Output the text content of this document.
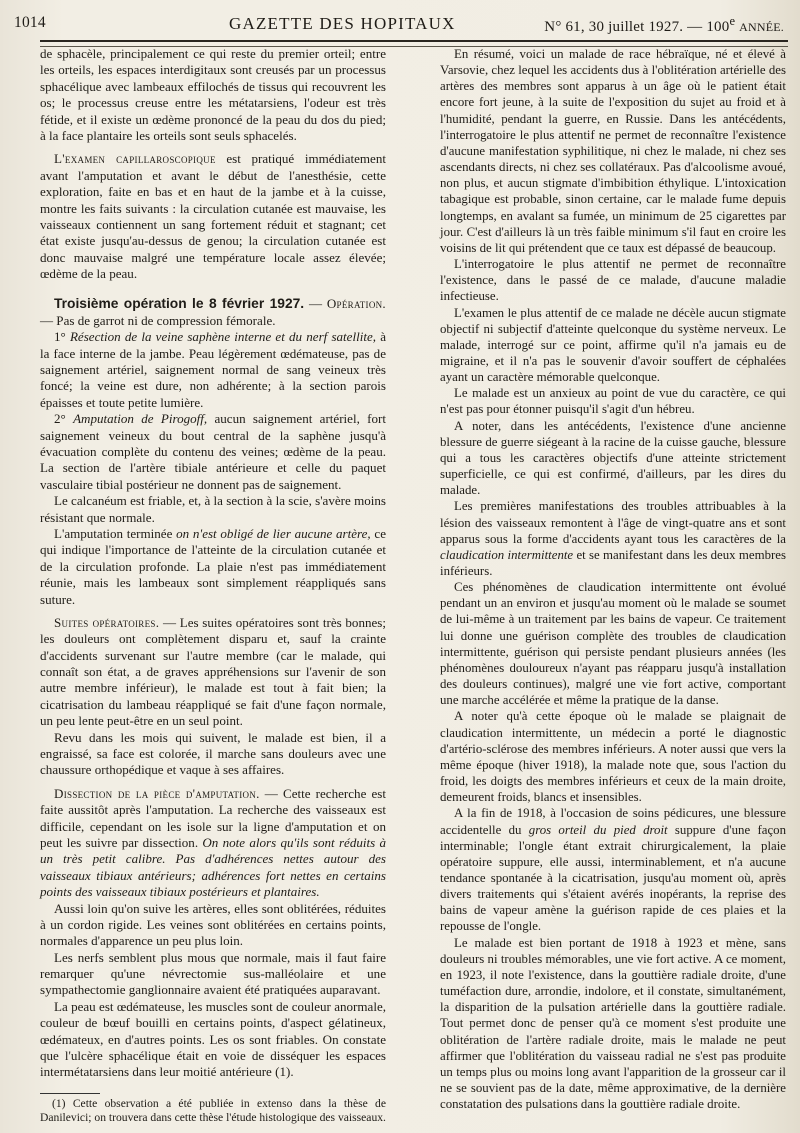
1014	GAZETTE DES HOPITAUX	N° 61, 30 juillet 1927. — 100e ANNÉE.

de sphacèle, principalement ce qui reste du premier orteil; entre les orteils, les espaces interdigitaux sont creusés par un processus sphacélique avec lambeaux effilochés de tissus qui recouvrent les os; le processus creuse entre les métatarsiens, l'odeur est très fétide, et il existe un œdème prononcé de la peau du dos du pied; à la face plantaire les orteils sont seuls sphacelés.

L'examen capillaroscopique est pratiqué immédiatement avant l'amputation et avant le début de l'anesthésie, cette exploration, faite en bas et en haut de la jambe et à la cuisse, montre les faits suivants : la circulation cutanée est mauvaise, les vaisseaux contiennent un sang fortement réduit et stagnant; cet état existe jusqu'au-dessus de genou; la circulation cutanée est donc mauvaise malgré une température locale assez élevée; œdème de la peau.

Troisième opération le 8 février 1927. — Opération. — Pas de garrot ni de compression fémorale.

1° Résection de la veine saphène interne et du nerf satellite, à la face interne de la jambe. Peau légèrement œdémateuse, pas de saignement artériel, saignement normal de sang veineux très foncé; la veine est dure, non adhérente; à la section parois épaisses et toute petite lumière.

2° Amputation de Pirogoff, aucun saignement artériel, fort saignement veineux du bout central de la saphène jusqu'à évacuation complète du contenu des veines; œdème de la peau. La section de l'artère tibiale antérieure et celle du paquet vasculaire tibial postérieur ne donnent pas de saignement.

Le calcanéum est friable, et, à la section à la scie, s'avère moins résistant que normale.

L'amputation terminée on n'est obligé de lier aucune artère, ce qui indique l'importance de l'atteinte de la circulation cutanée et de la circulation profonde. La plaie n'est pas immédiatement réunie, mais les lambeaux sont simplement réappliqués sans suture.

Suites opératoires. — Les suites opératoires sont très bonnes; les douleurs ont complètement disparu et, sauf la crainte d'accidents survenant sur l'autre membre (car le malade, qui connaît son état, a de graves appréhensions sur l'avenir de son autre membre inférieur), le malade est tout à fait bien; la cicatrisation du lambeau réappliqué se fait d'une façon normale, un peu lente peut-être en un seul point.

Revu dans les mois qui suivent, le malade est bien, il a engraissé, sa face est colorée, il marche sans douleurs avec une chaussure orthopédique et vaque à ses affaires.

Dissection de la pièce d'amputation. — Cette recherche est faite aussitôt après l'amputation. La recherche des vaisseaux est difficile, cependant on les isole sur la ligne d'amputation et on peut les suivre par dissection. On note alors qu'ils sont réduits à un très petit calibre. Pas d'adhérences nettes autour des vaisseaux tibiaux antérieurs; adhérences fort nettes en certains points des vaisseaux tibiaux postérieurs et plantaires.

Aussi loin qu'on suive les artères, elles sont oblitérées, réduites à un cordon rigide. Les veines sont oblitérées en certains points, normales d'apparence un peu plus loin.

Les nerfs semblent plus mous que normale, mais il faut faire remarquer qu'une névrectomie sus-malléolaire et une sympathectomie ganglionnaire avaient été pratiquées auparavant.

La peau est œdémateuse, les muscles sont de couleur anormale, couleur de bœuf bouilli en certains points, d'aspect gélatineux, œdémateux, en d'autres points. Les os sont friables. On constate que l'ulcère sphacélique était en voie de disséquer les espaces intermétatarsiens dans leur moitié antérieure (1).

(1) Cette observation a été publiée in extenso dans la thèse de Danilevici; on trouvera dans cette thèse l'étude histologique des vaisseaux.

En résumé, voici un malade de race hébraïque, né et élevé à Varsovie, chez lequel les accidents dus à l'oblitération artérielle des artères des membres sont apparus à un âge où le patient était encore fort jeune, à la suite de l'exposition du sujet au froid et à l'humidité, pendant la guerre, en Russie. Dans les antécédents, l'interrogatoire le plus attentif ne permet de reconnaître l'existence d'aucune manifestation syphilitique, ni chez le malade, ni chez ses ascendants directs, ni chez ses collatéraux. Pas d'alcoolisme avoué, non plus, et aucun stigmate d'imbibition éthylique. L'intoxication tabagique est probable, sinon certaine, car le malade fume depuis longtemps, en avalant sa fumée, un minimum de 25 cigarettes par jour. C'est d'ailleurs là un très faible minimum s'il faut en croire les voisins de lit qui prétendent que ce taux est dépassé de beaucoup.

L'interrogatoire le plus attentif ne permet de reconnaître l'existence, dans le passé de ce malade, d'aucune maladie infectieuse.

L'examen le plus attentif de ce malade ne décèle aucun stigmate objectif ni subjectif d'atteinte quelconque du système nerveux. Le malade, interrogé sur ce point, affirme qu'il n'a jamais eu de migraine, et il n'a pas le souvenir d'avoir souffert de céphalées ayant un caractère mémorable quelconque.

Le malade est un anxieux au point de vue du caractère, ce qui n'est pas pour étonner puisqu'il s'agit d'un hébreu.

A noter, dans les antécédents, l'existence d'une ancienne blessure de guerre siégeant à la racine de la cuisse gauche, blessure qui a tous les caractères objectifs d'une atteinte strictement superficielle, ce qui est confirmé, d'ailleurs, par les dires du malade.

Les premières manifestations des troubles attribuables à la lésion des vaisseaux remontent à l'âge de vingt-quatre ans et sont apparus sous la forme d'accidents ayant tous les caractères de la claudication intermittente et se manifestant dans les deux membres inférieurs.

Ces phénomènes de claudication intermittente ont évolué pendant un an environ et jusqu'au moment où le malade se soumet de lui-même à un traitement par les bains de vapeur. Ce traitement lui donne une guérison complète des troubles de claudication intermittente, guérison qui persiste pendant plusieurs années (les phénomènes douloureux n'ayant pas réapparu jusqu'à installation des douleurs continues), malgré une vie fort active, comportant une marche accélérée et même la pratique de la danse.

A noter qu'à cette époque où le malade se plaignait de claudication intermittente, un médecin a porté le diagnostic d'artério-sclérose des membres inférieurs. A noter aussi que vers la même époque (hiver 1918), la malade note que, sous l'action du froid, les doigts des membres inférieurs et ceux de la main droite, demeurent froids, blancs et insensibles.

A la fin de 1918, à l'occasion de soins pédicures, une blessure accidentelle du gros orteil du pied droit suppure d'une façon interminable; l'ongle étant extrait chirurgicalement, la plaie opératoire suppure, elle aussi, interminablement, et n'a aucune tendance spontanée à la cicatrisation, jusqu'au moment où, après divers traitements qui s'étaient avérés inopérants, la reprise des bains de vapeur amène la guérison rapide de ces plaies et la repousse de l'ongle.

Le malade est bien portant de 1918 à 1923 et mène, sans douleurs ni troubles mémorables, une vie fort active. A ce moment, en 1923, il note l'existence, dans la gouttière radiale droite, d'une tuméfaction dure, arrondie, indolore, et il constate, simultanément, la disparition de la pulsation artérielle dans la gouttière radiale. Tout permet donc de penser qu'à ce moment s'est produite une oblitération de l'artère radiale droite, mais le malade ne peut affirmer que l'oblitération du vaisseau radial ne s'est pas produite un temps plus ou moins long avant l'apparition de la grosseur car il ne se souvient pas de la date, même approximative, de la dernière constatation des pulsations dans la gouttière radiale droite.
